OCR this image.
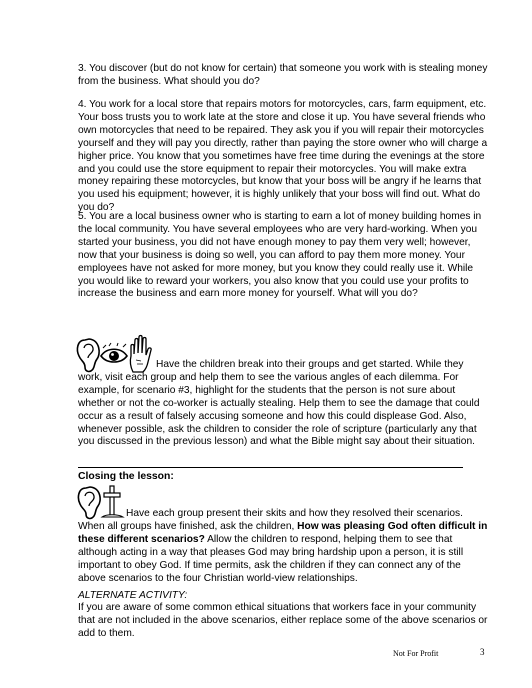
3. You discover (but do not know for certain) that someone you work with is stealing money from the business. What should you do?

4. You work for a local store that repairs motors for motorcycles, cars, farm equipment, etc. Your boss trusts you to work late at the store and close it up. You have several friends who own motorcycles that need to be repaired. They ask you if you will repair their motorcycles yourself and they will pay you directly, rather than paying the store owner who will charge a higher price. You know that you sometimes have free time during the evenings at the store and you could use the store equipment to repair their motorcycles. You will make extra money repairing these motorcycles, but know that your boss will be angry if he learns that you used his equipment; however, it is highly unlikely that your boss will find out. What do you do?

5. You are a local business owner who is starting to earn a lot of money building homes in the local community. You have several employees who are very hard-working. When you started your business, you did not have enough money to pay them very well; however, now that your business is doing so well, you can afford to pay them more money. Your employees have not asked for more money, but you know they could really use it. While you would like to reward your workers, you also know that you could use your profits to increase the business and earn more money for yourself. What will you do?

Have the children break into their groups and get started. While they work, visit each group and help them to see the various angles of each dilemma. For example, for scenario #3, highlight for the students that the person is not sure about whether or not the co-worker is actually stealing. Help them to see the damage that could occur as a result of falsely accusing someone and how this could displease God. Also, whenever possible, ask the children to consider the role of scripture (particularly any that you discussed in the previous lesson) and what the Bible might say about their situation.

Closing the lesson:

Have each group present their skits and how they resolved their scenarios. When all groups have finished, ask the children, How was pleasing God often difficult in these different scenarios? Allow the children to respond, helping them to see that although acting in a way that pleases God may bring hardship upon a person, it is still important to obey God. If time permits, ask the children if they can connect any of the above scenarios to the four Christian world-view relationships.

ALTERNATE ACTIVITY:

If you are aware of some common ethical situations that workers face in your community that are not included in the above scenarios, either replace some of the above scenarios or add to them.

Not For Profit	3
